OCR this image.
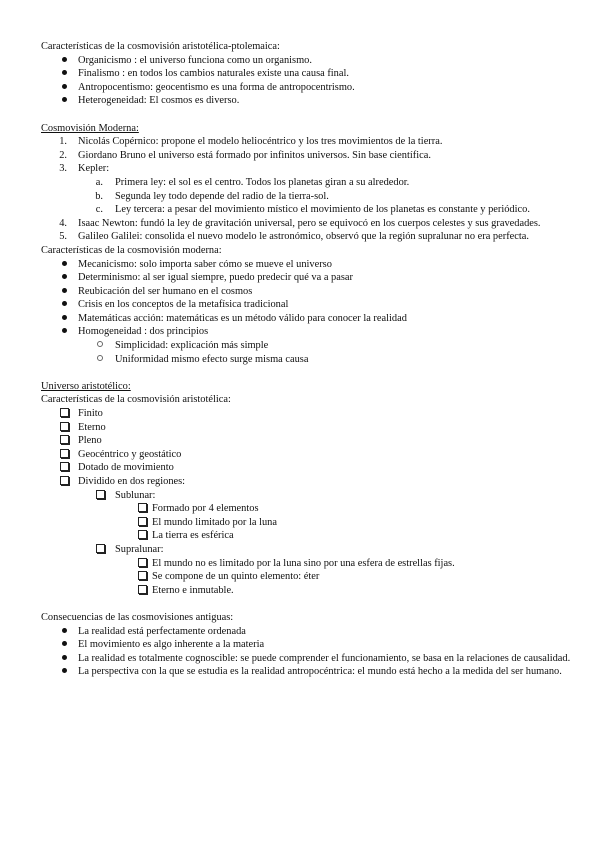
Características de la cosmovisión aristotélica-ptolemaica:
Organicismo : el universo funciona como un organismo.
Finalismo : en todos los cambios naturales existe una causa final.
Antropocentismo: geocentismo es una forma de antropocentrismo.
Heterogeneidad: El cosmos es diverso.
Cosmovisión Moderna:
1. Nicolás Copérnico: propone el modelo heliocéntrico y los tres movimientos de la tierra.
2. Giordano Bruno el universo está formado por infinitos universos. Sin base científica.
3. Kepler:
a. Primera ley: el sol es el centro. Todos los planetas giran a su alrededor.
b. Segunda ley todo depende del radio de la tierra-sol.
c. Ley tercera: a pesar del movimiento místico el movimiento de los planetas es constante y periódico.
4. Isaac Newton: fundó la ley de gravitación universal, pero se equivocó en los cuerpos celestes y sus gravedades.
5. Galileo Galilei: consolida el nuevo modelo le astronómico, observó que la región supralunar no era perfecta.
Características de la cosmovisión moderna:
Mecanicismo: solo importa saber cómo se mueve el universo
Determinismo: al ser igual siempre, puedo predecir qué va a pasar
Reubicación del ser humano en el cosmos
Crisis en los conceptos de la metafísica tradicional
Matemáticas acción: matemáticas es un método válido para conocer la realidad
Homogeneidad : dos principios
Simplicidad: explicación más simple
Uniformidad mismo efecto surge misma causa
Universo aristotélico:
Características de la cosmovisión aristotélica:
Finito
Eterno
Pleno
Geocéntrico y geostático
Dotado de movimiento
Dividido en dos regiones:
Sublunar:
Formado por 4 elementos
El mundo limitado por la luna
La tierra es esférica
Supralunar:
El mundo no es limitado por la luna sino por una esfera de estrellas fijas.
Se compone de un quinto elemento: éter
Eterno e inmutable.
Consecuencias de las cosmovisiones antiguas:
La realidad está perfectamente ordenada
El movimiento es algo inherente a la materia
La realidad es totalmente cognoscible: se puede comprender el funcionamiento, se basa en la relaciones de causalidad.
La perspectiva con la que se estudia es la realidad antropocéntrica: el mundo está hecho a la medida del ser humano.
